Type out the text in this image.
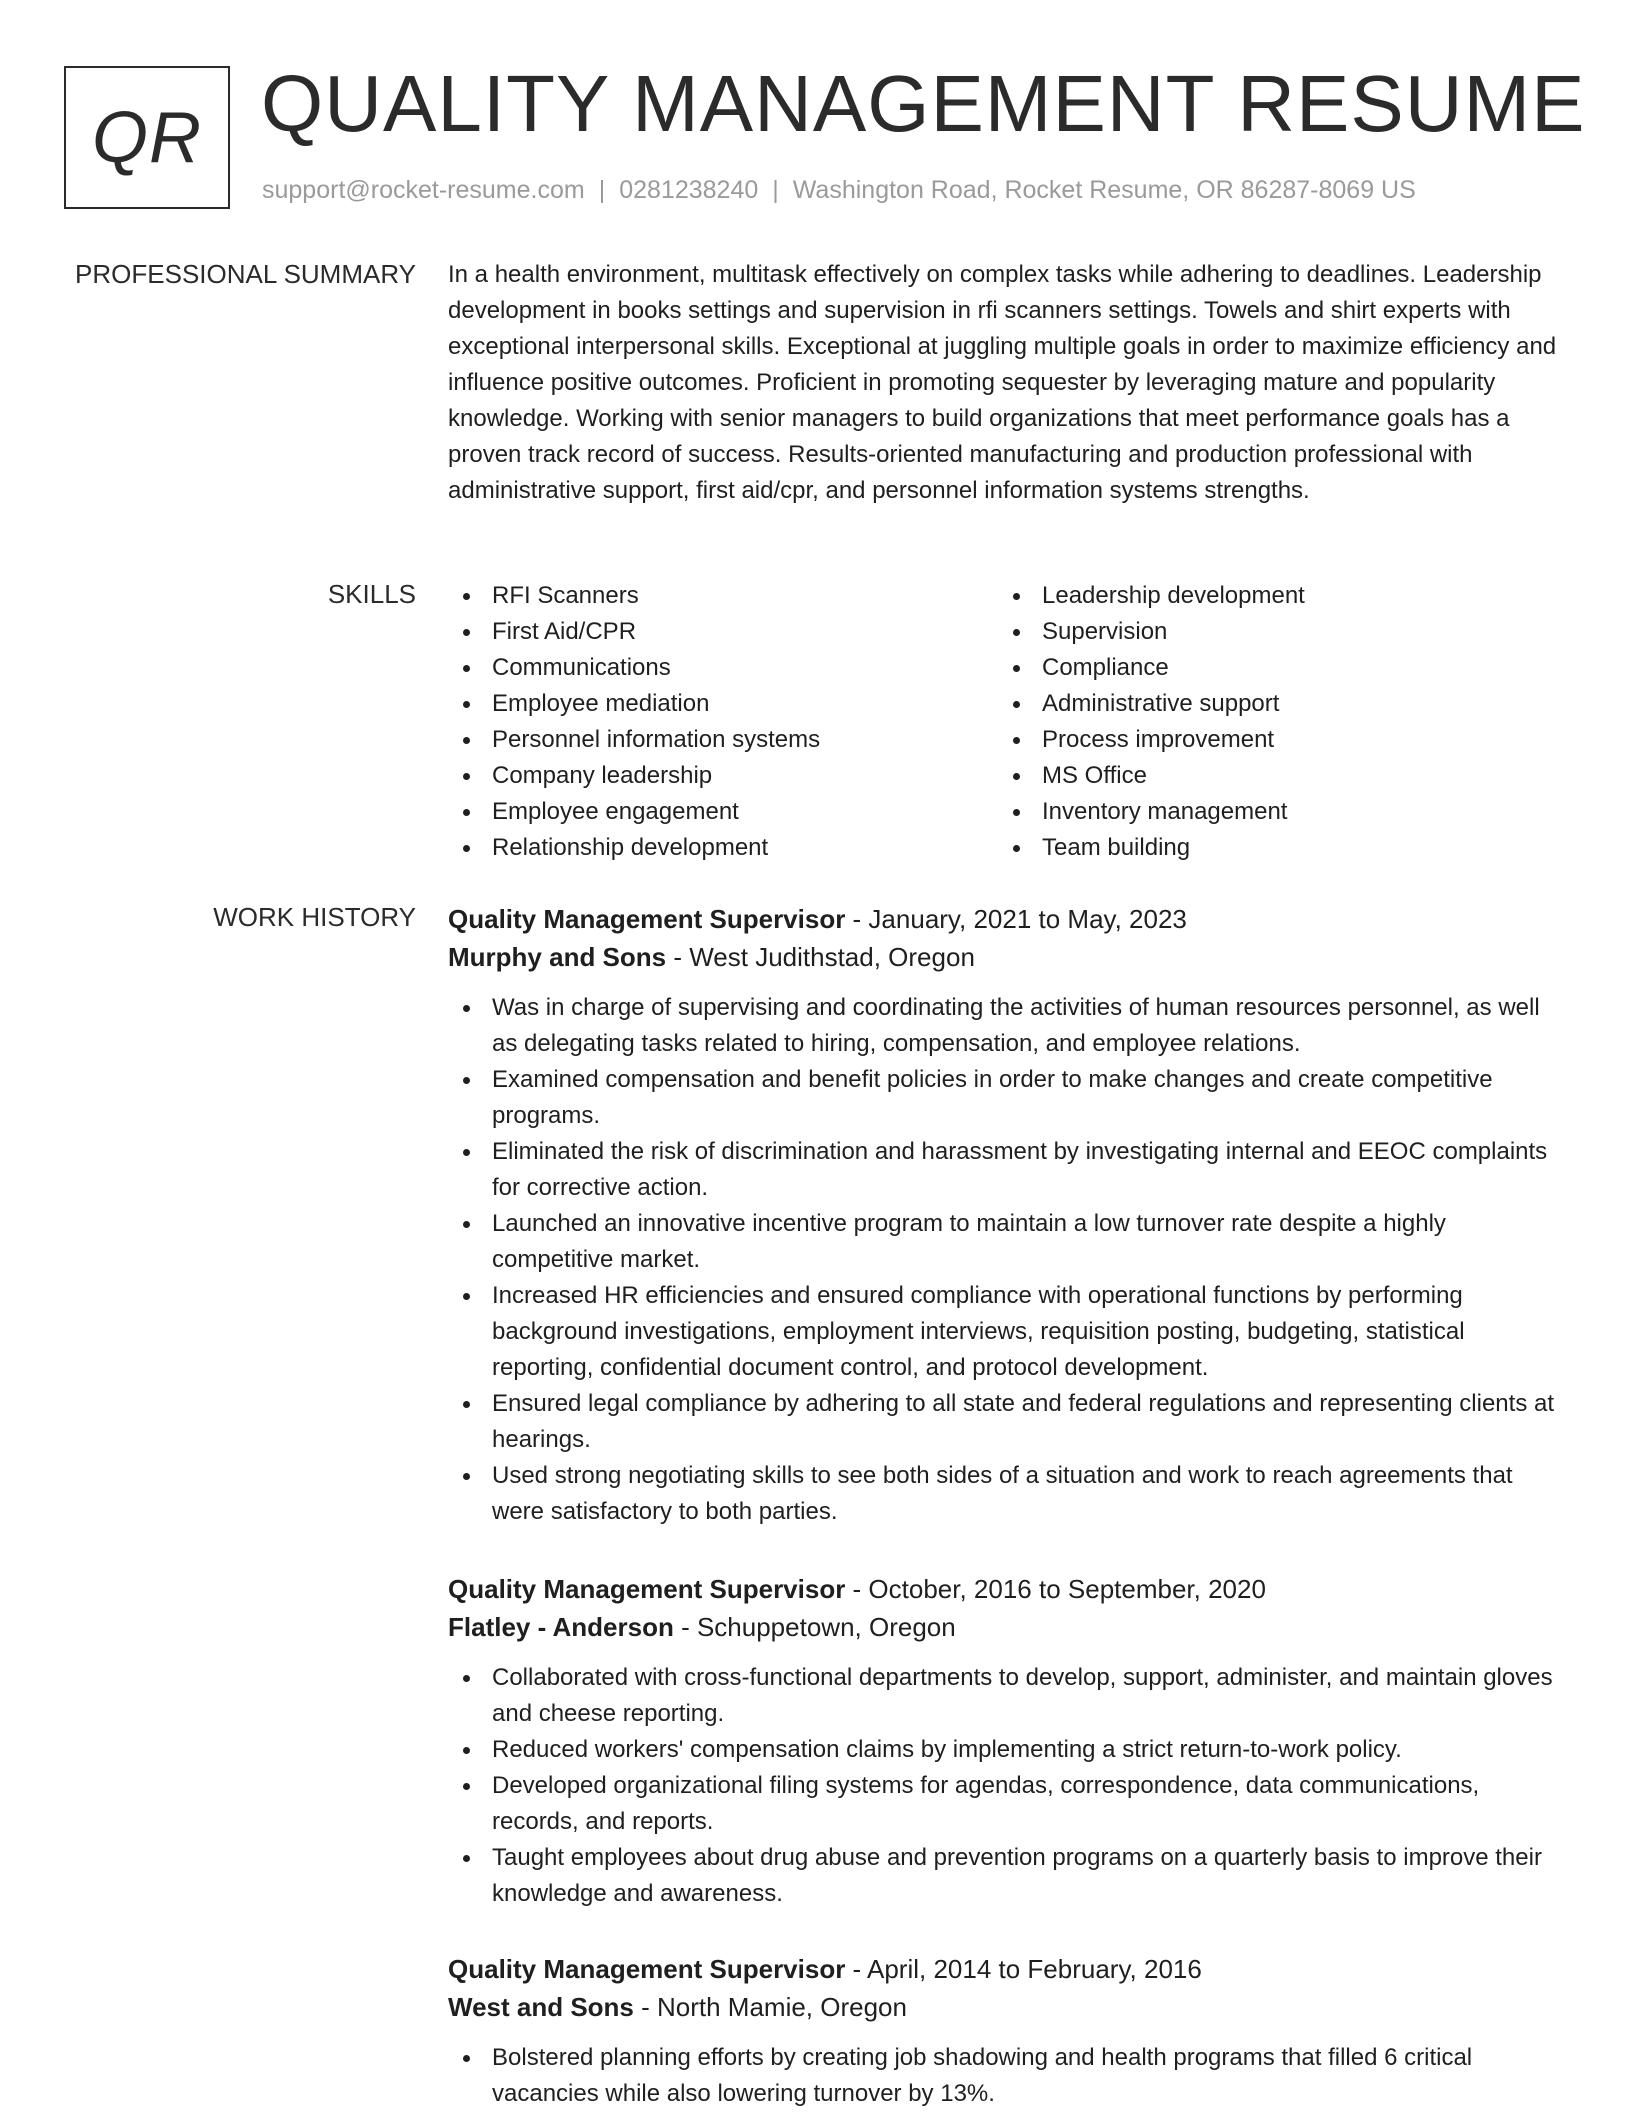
QR QUALITY MANAGEMENT RESUME
support@rocket-resume.com | 0281238240 | Washington Road, Rocket Resume, OR 86287-8069 US
PROFESSIONAL SUMMARY In a health environment, multitask effectively on complex tasks while adhering to deadlines. Leadership development in books settings and supervision in rfi scanners settings. Towels and shirt experts with exceptional interpersonal skills. Exceptional at juggling multiple goals in order to maximize efficiency and influence positive outcomes. Proficient in promoting sequester by leveraging mature and popularity knowledge. Working with senior managers to build organizations that meet performance goals has a proven track record of success. Results-oriented manufacturing and production professional with administrative support, first aid/cpr, and personnel information systems strengths.
SKILLS	RFI Scanners
First Aid/CPR
Communications
Employee mediation
Personnel information systems
Company leadership
Employee engagement
Relationship development
Leadership development
Supervision
Compliance
Administrative support
Process improvement
MS Office
Inventory management
Team building
WORK HISTORY Quality Management Supervisor - January, 2021 to May, 2023
Murphy and Sons - West Judithstad, Oregon
Was in charge of supervising and coordinating the activities of human resources personnel, as well as delegating tasks related to hiring, compensation, and employee relations.
Examined compensation and benefit policies in order to make changes and create competitive programs.
Eliminated the risk of discrimination and harassment by investigating internal and EEOC complaints for corrective action.
Launched an innovative incentive program to maintain a low turnover rate despite a highly competitive market.
Increased HR efficiencies and ensured compliance with operational functions by performing background investigations, employment interviews, requisition posting, budgeting, statistical reporting, confidential document control, and protocol development.
Ensured legal compliance by adhering to all state and federal regulations and representing clients at hearings.
Used strong negotiating skills to see both sides of a situation and work to reach agreements that were satisfactory to both parties.
Quality Management Supervisor - October, 2016 to September, 2020
Flatley - Anderson - Schuppetown, Oregon
Collaborated with cross-functional departments to develop, support, administer, and maintain gloves and cheese reporting.
Reduced workers' compensation claims by implementing a strict return-to-work policy.
Developed organizational filing systems for agendas, correspondence, data communications, records, and reports.
Taught employees about drug abuse and prevention programs on a quarterly basis to improve their knowledge and awareness.
Quality Management Supervisor - April, 2014 to February, 2016
West and Sons - North Mamie, Oregon
Bolstered planning efforts by creating job shadowing and health programs that filled 6 critical vacancies while also lowering turnover by 13%.
